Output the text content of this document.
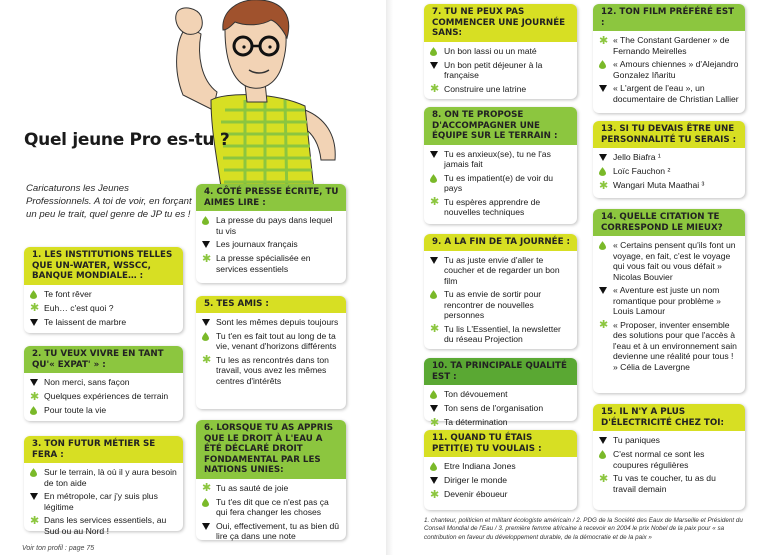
Quel jeune Pro es-tu ?
Caricaturons les Jeunes Professionnels. A toi de voir, en forçant un peu le trait, quel genre de JP tu es !
1. LES INSTITUTIONS TELLES QUE UN-WATER, WSSCC, BANQUE MONDIALE… :
Te font rêver
✱ Euh… c'est quoi ?
Te laissent de marbre
2. TU VEUX VIVRE EN TANT QU'« EXPAT' » :
Non merci, sans façon
✱ Quelques expériences de terrain
Pour toute la vie
3. TON FUTUR MÉTIER SE FERA :
Sur le terrain, là où il y aura besoin de ton aide
En métropole, car j'y suis plus légitime
✱ Dans les services essentiels, au Sud ou au Nord !
4. CÔTÉ PRESSE ÉCRITE, TU AIMES LIRE :
La presse du pays dans lequel tu vis
Les journaux français
✱ La presse spécialisée en services essentiels
5. TES AMIS :
Sont les mêmes depuis toujours
Tu t'en es fait tout au long de ta vie, venant d'horizons différents
✱ Tu les as rencontrés dans ton travail, vous avez les mêmes centres d'intérêts
6. LORSQUE TU AS APPRIS QUE LE DROIT À L'EAU A ÉTÉ DÉCLARÉ DROIT FONDAMENTAL PAR LES NATIONS UNIES:
✱ Tu as sauté de joie
Tu t'es dit que ce n'est pas ça qui fera changer les choses
Oui, effectivement, tu as bien dû lire ça dans une note
7. TU NE PEUX PAS COMMENCER UNE JOURNÉE SANS:
Un bon lassi ou un maté
Un bon petit déjeuner à la française
✱ Construire une latrine
8. ON TE PROPOSE D'ACCOMPAGNER UNE ÉQUIPE SUR LE TERRAIN :
Tu es anxieux(se), tu ne l'as jamais fait
Tu es impatient(e) de voir du pays
✱ Tu espères apprendre de nouvelles techniques
9. A LA FIN DE TA JOURNÉE :
Tu as juste envie d'aller te coucher et de regarder un bon film
Tu as envie de sortir pour rencontrer de nouvelles personnes
✱ Tu lis L'Essentiel, la newsletter du réseau Projection
10. TA PRINCIPALE QUALITÉ EST :
Ton dévouement
Ton sens de l'organisation
✱ Ta détermination
11. QUAND TU ÉTAIS PETIT(E) TU VOULAIS :
Etre Indiana Jones
Diriger le monde
✱ Devenir éboueur
12. TON FILM PRÉFÉRÉ EST :
✱ « The Constant Gardener » de Fernando Meirelles
« Amours chiennes » d'Alejandro Gonzalez Iñaritu
« L'argent de l'eau », un documentaire de Christian Lallier
13. SI TU DEVAIS ÊTRE UNE PERSONNALITÉ TU SERAIS :
Jello Biafra ¹
Loïc Fauchon ²
✱ Wangari Muta Maathai ³
14. QUELLE CITATION TE CORRESPOND LE MIEUX?
« Certains pensent qu'ils font un voyage, en fait, c'est le voyage qui vous fait ou vous défait » Nicolas Bouvier
« Aventure est juste un nom romantique pour problème » Louis Lamour
✱ « Proposer, inventer ensemble des solutions pour que l'accès à l'eau et à un environnement sain devienne une réalité pour tous ! » Célia de Lavergne
15. IL N'Y A PLUS D'ÉLECTRICITÉ CHEZ TOI:
Tu paniques
C'est normal ce sont les coupures régulières
✱ Tu vas te coucher, tu as du travail demain
1. chanteur, politicien et militant écologiste américain / 2. PDG de la Société des Eaux de Marseille et Président du Conseil Mondial de l'Eau / 3. première femme africaine à recevoir en 2004 le prix Nobel de la paix pour « sa contribution en faveur du développement durable, de la démocratie et de la paix »
Voir ton profil : page 75
